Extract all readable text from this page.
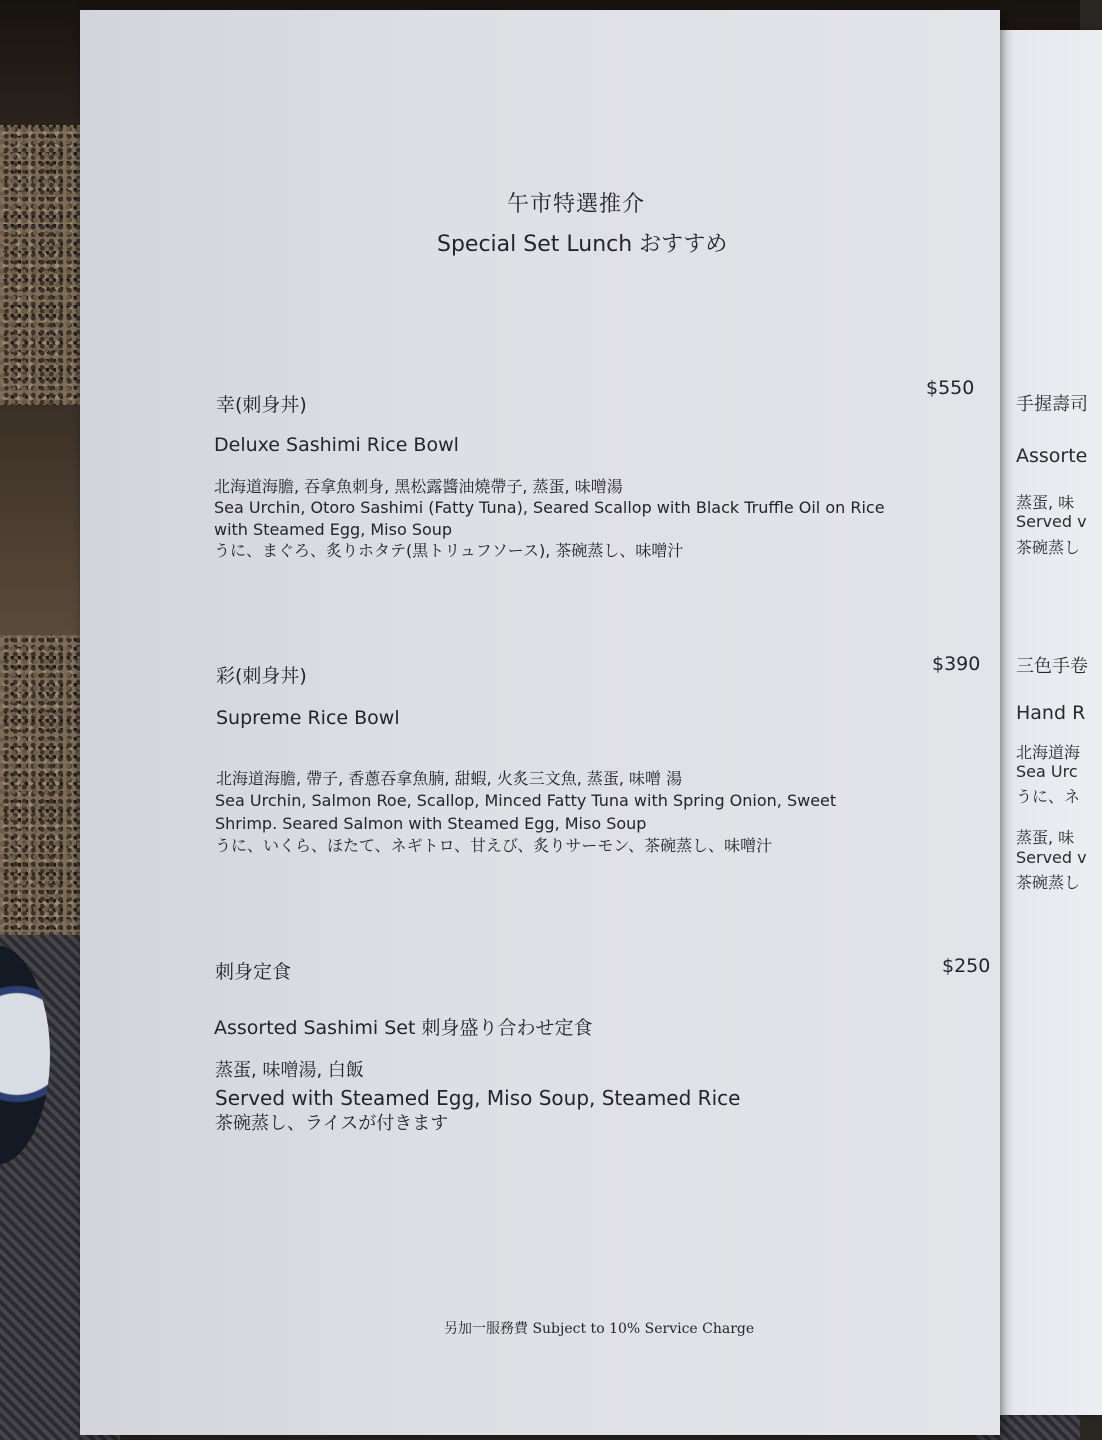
手握壽司
Assorte
蒸蛋, 味
Served v
茶碗蒸し
三色手卷
Hand R
北海道海
Sea Urc
うに、ネ
蒸蛋, 味
Served v
茶碗蒸し
午市特選推介
Special Set Lunch おすすめ
幸(刺身丼)
$550
Deluxe Sashimi Rice Bowl
北海道海膽, 吞拿魚刺身, 黑松露醬油燒帶子, 蒸蛋, 味噌湯
Sea Urchin, Otoro Sashimi (Fatty Tuna), Seared Scallop with Black Truffle Oil on Rice
with Steamed Egg, Miso Soup
うに、まぐろ、炙りホタテ(黒トリュフソース), 茶碗蒸し、味噌汁
彩(刺身丼)
$390
Supreme Rice Bowl
北海道海膽, 帶子, 香蔥吞拿魚腩, 甜蝦, 火炙三文魚, 蒸蛋, 味噌 湯
Sea Urchin, Salmon Roe, Scallop, Minced Fatty Tuna with Spring Onion, Sweet
Shrimp. Seared Salmon with Steamed Egg, Miso Soup
うに、いくら、ほたて、ネギトロ、甘えび、炙りサーモン、茶碗蒸し、味噌汁
刺身定食	$250
Assorted Sashimi Set 刺身盛り合わせ定食
蒸蛋, 味噌湯, 白飯
Served with Steamed Egg, Miso Soup, Steamed Rice
茶碗蒸し、ライスが付きます
另加一服務費 Subject to 10% Service Charge
